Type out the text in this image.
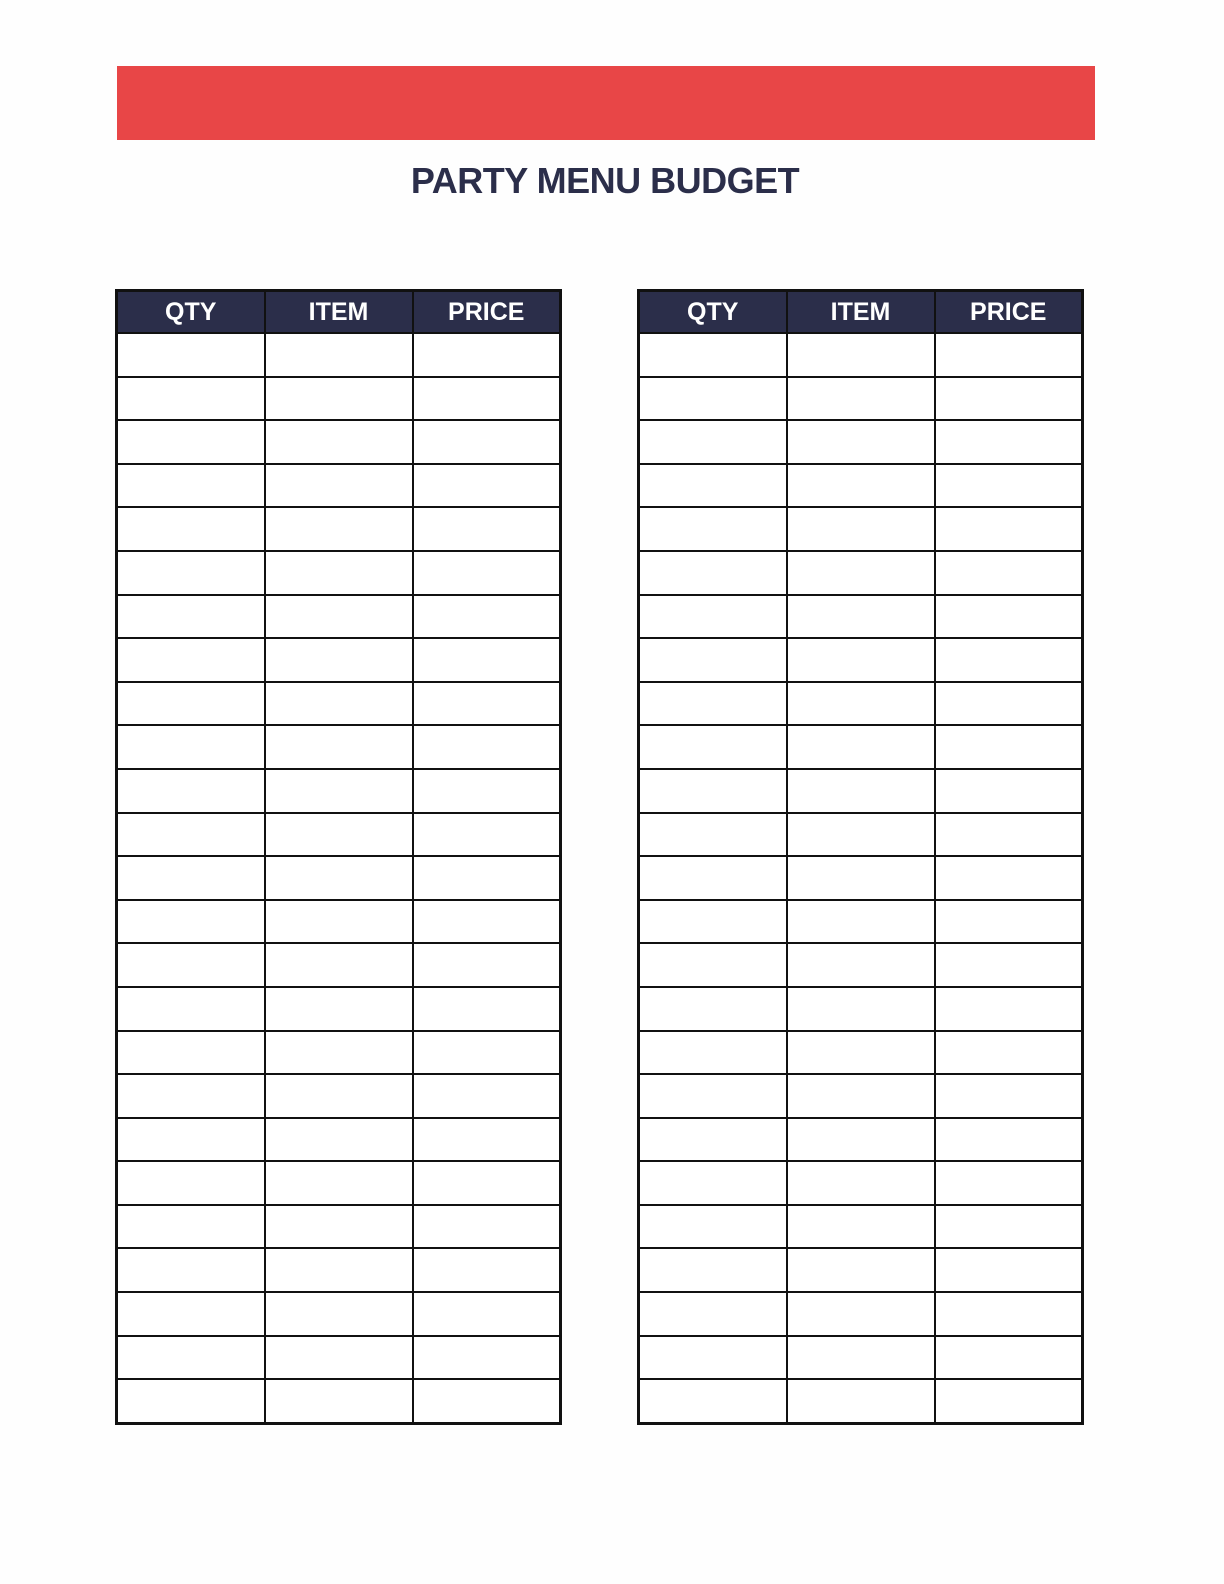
PARTY MENU BUDGET
QTY	ITEM	PRICE

			QTY	ITEM	PRICE
